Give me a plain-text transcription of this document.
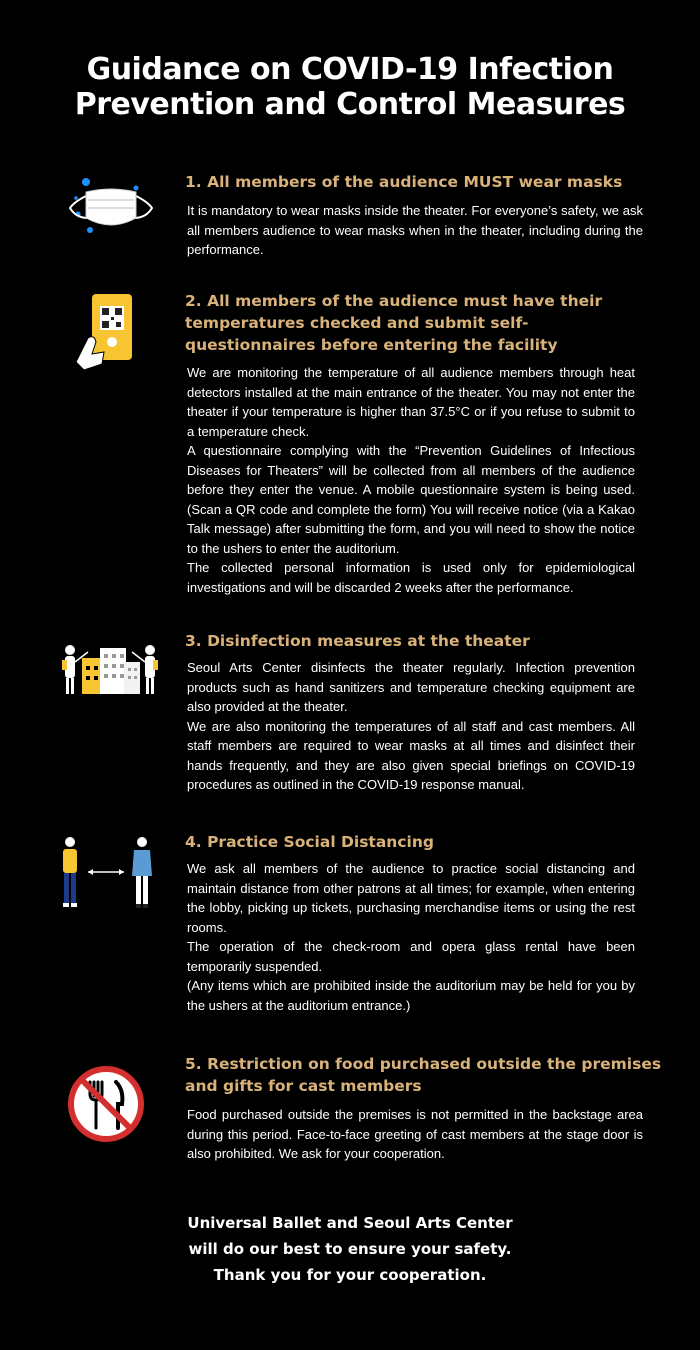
Guidance on COVID-19 Infection
Prevention and Control Measures
1. All members of the audience MUST wear masks

It is mandatory to wear masks inside the theater. For everyone’s safety, we ask all members audience to wear masks when in the theater, including during the performance.

2. All members of the audience must have their temperatures checked and submit self-questionnaires before entering the facility

We are monitoring the temperature of all audience members through heat detectors installed at the main entrance of the theater. You may not enter the theater if your temperature is higher than 37.5°C or if you refuse to submit to a temperature check.

A questionnaire complying with the “Prevention Guidelines of Infectious Diseases for Theaters” will be collected from all members of the audience before they enter the venue. A mobile questionnaire system is being used. (Scan a QR code and complete the form) You will receive notice (via a Kakao Talk message) after submitting the form, and you will need to show the notice to the ushers to enter the auditorium.

The collected personal information is used only for epidemiological investigations and will be discarded 2 weeks after the performance.

3. Disinfection measures at the theater

Seoul Arts Center disinfects the theater regularly. Infection prevention products such as hand sanitizers and temperature checking equipment are also provided at the theater.

We are also monitoring the temperatures of all staff and cast members. All staff members are required to wear masks at all times and disinfect their hands frequently, and they are also given special briefings on COVID-19 procedures as outlined in the COVID-19 response manual.

4. Practice Social Distancing

We ask all members of the audience to practice social distancing and maintain distance from other patrons at all times; for example, when entering the lobby, picking up tickets, purchasing merchandise items or using the rest rooms.

The operation of the check-room and opera glass rental have been temporarily suspended.

(Any items which are prohibited inside the auditorium may be held for you by the ushers at the auditorium entrance.)

5. Restriction on food purchased outside the premises and gifts for cast members

Food purchased outside the premises is not permitted in the backstage area during this period. Face-to-face greeting of cast members at the stage door is also prohibited. We ask for your cooperation.

Universal Ballet and Seoul Arts Center
will do our best to ensure your safety.
Thank you for your cooperation.
